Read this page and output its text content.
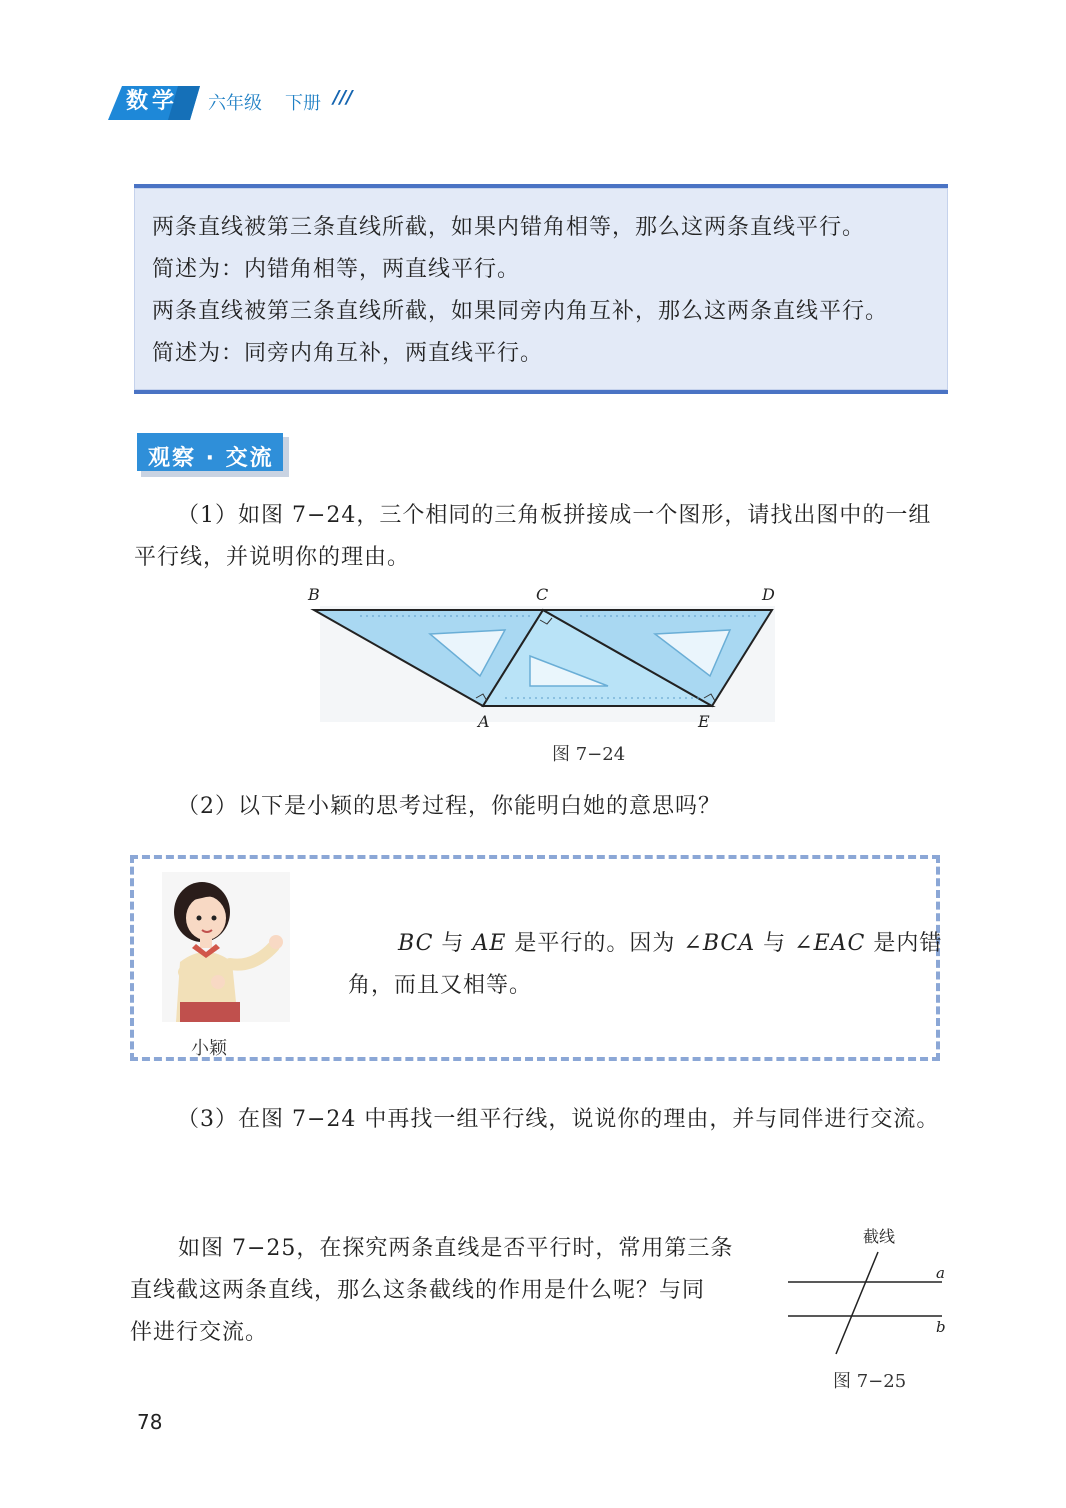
数学 六年级 下册 ///
两条直线被第三条直线所截，如果内错角相等，那么这两条直线平行。
简述为：内错角相等，两直线平行。
两条直线被第三条直线所截，如果同旁内角互补，那么这两条直线平行。
简述为：同旁内角互补，两直线平行。
观察 · 交流
（1）如图 7−24，三个相同的三角板拼接成一个图形，请找出图中的一组
平行线，并说明你的理由。
B	C	D
A	E
图 7−24
（2）以下是小颖的思考过程，你能明白她的意思吗？
小颖
BC 与 AE 是平行的。因为 ∠BCA 与 ∠EAC 是内错
角，而且又相等。
（3）在图 7−24 中再找一组平行线，说说你的理由，并与同伴进行交流。
如图 7−25，在探究两条直线是否平行时，常用第三条
直线截这两条直线，那么这条截线的作用是什么呢？与同
伴进行交流。
截线
a
b
图 7−25
78
